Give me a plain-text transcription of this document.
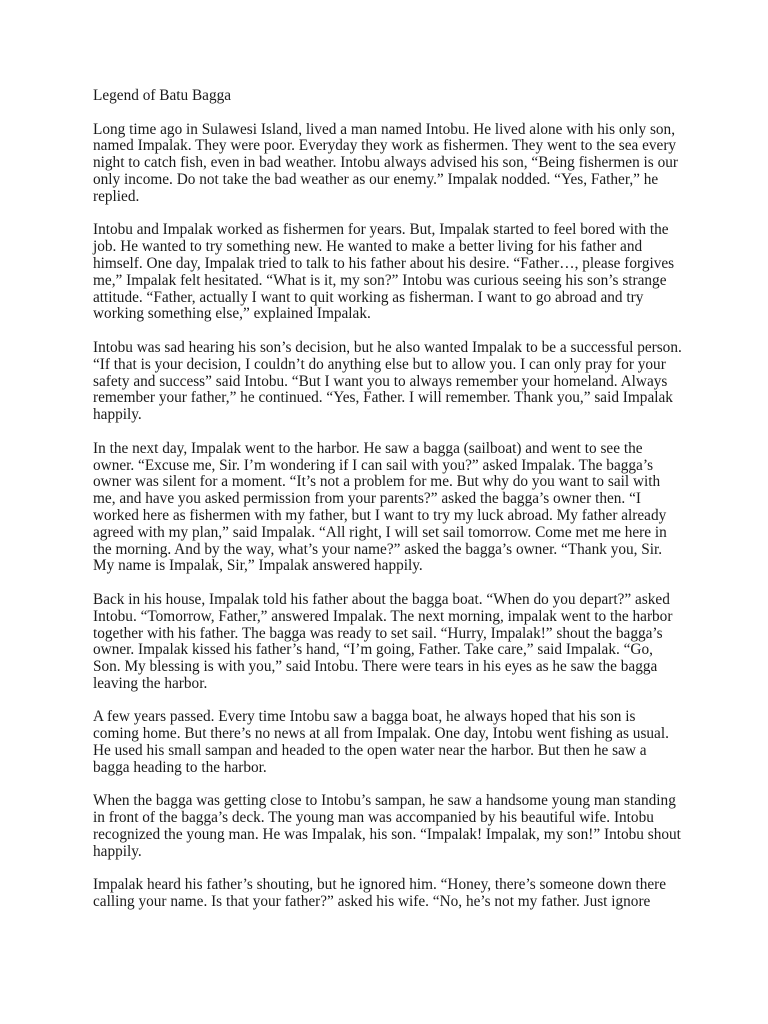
Legend of Batu Bagga

Long time ago in Sulawesi Island, lived a man named Intobu. He lived alone with his only son, named Impalak. They were poor. Everyday they work as fishermen. They went to the sea every night to catch fish, even in bad weather. Intobu always advised his son, “Being fishermen is our only income. Do not take the bad weather as our enemy.” Impalak nodded. “Yes, Father,” he replied.

Intobu and Impalak worked as fishermen for years. But, Impalak started to feel bored with the job. He wanted to try something new. He wanted to make a better living for his father and himself. One day, Impalak tried to talk to his father about his desire. “Father…, please forgives me,” Impalak felt hesitated. “What is it, my son?” Intobu was curious seeing his son’s strange attitude. “Father, actually I want to quit working as fisherman. I want to go abroad and try working something else,” explained Impalak.

Intobu was sad hearing his son’s decision, but he also wanted Impalak to be a successful person. “If that is your decision, I couldn’t do anything else but to allow you. I can only pray for your safety and success” said Intobu. “But I want you to always remember your homeland. Always remember your father,” he continued. “Yes, Father. I will remember. Thank you,” said Impalak happily.

In the next day, Impalak went to the harbor. He saw a bagga (sailboat) and went to see the owner. “Excuse me, Sir. I’m wondering if I can sail with you?” asked Impalak. The bagga’s owner was silent for a moment. “It’s not a problem for me. But why do you want to sail with me, and have you asked permission from your parents?” asked the bagga’s owner then. “I worked here as fishermen with my father, but I want to try my luck abroad. My father already agreed with my plan,” said Impalak. “All right, I will set sail tomorrow. Come met me here in the morning. And by the way, what’s your name?” asked the bagga’s owner. “Thank you, Sir. My name is Impalak, Sir,” Impalak answered happily.

Back in his house, Impalak told his father about the bagga boat. “When do you depart?” asked Intobu. “Tomorrow, Father,” answered Impalak. The next morning, impalak went to the harbor together with his father. The bagga was ready to set sail. “Hurry, Impalak!” shout the bagga’s owner. Impalak kissed his father’s hand, “I’m going, Father. Take care,” said Impalak. “Go, Son. My blessing is with you,” said Intobu. There were tears in his eyes as he saw the bagga leaving the harbor.

A few years passed. Every time Intobu saw a bagga boat, he always hoped that his son is coming home. But there’s no news at all from Impalak. One day, Intobu went fishing as usual. He used his small sampan and headed to the open water near the harbor. But then he saw a bagga heading to the harbor.

When the bagga was getting close to Intobu’s sampan, he saw a handsome young man standing in front of the bagga’s deck. The young man was accompanied by his beautiful wife. Intobu recognized the young man. He was Impalak, his son. “Impalak! Impalak, my son!” Intobu shout happily.

Impalak heard his father’s shouting, but he ignored him. “Honey, there’s someone down there calling your name. Is that your father?” asked his wife. “No, he’s not my father. Just ignore
